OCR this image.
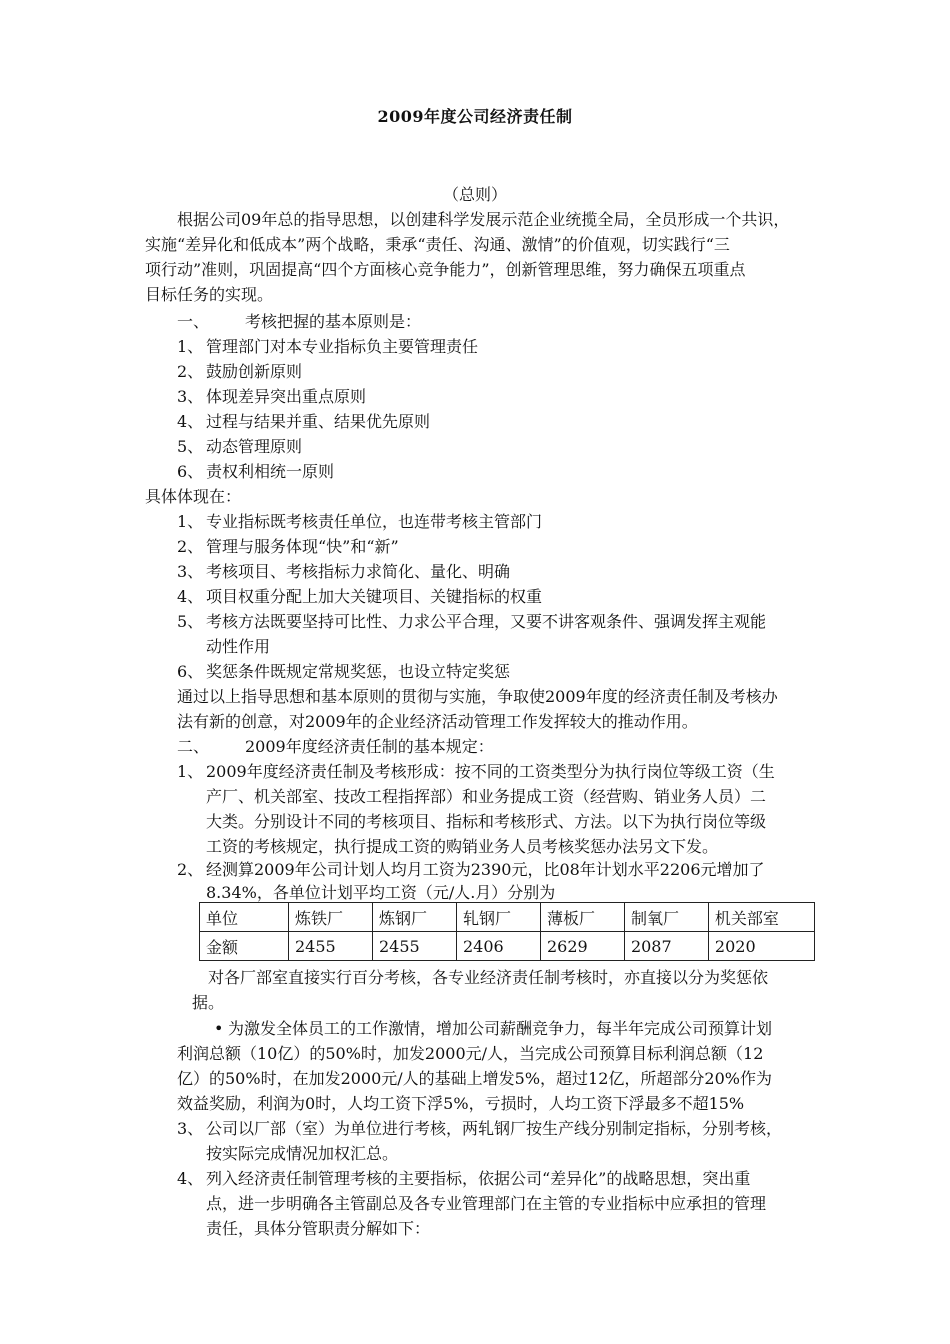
2009年度公司经济责任制
（总则）
根据公司09年总的指导思想，以创建科学发展示范企业统揽全局，全员形成一个共识，
实施“差异化和低成本”两个战略，秉承“责任、沟通、激情”的价值观，切实践行“三
项行动”准则，巩固提高“四个方面核心竞争能力”，创新管理思维，努力确保五项重点
目标任务的实现。
一、 考核把握的基本原则是：
1、 管理部门对本专业指标负主要管理责任
2、 鼓励创新原则
3、 体现差异突出重点原则
4、 过程与结果并重、结果优先原则
5、 动态管理原则
6、 责权利相统一原则
具体体现在：
1、 专业指标既考核责任单位，也连带考核主管部门
2、 管理与服务体现“快”和“新”
3、 考核项目、考核指标力求简化、量化、明确
4、 项目权重分配上加大关键项目、关键指标的权重
5、 考核方法既要坚持可比性、力求公平合理，又要不讲客观条件、强调发挥主观能
动性作用
6、 奖惩条件既规定常规奖惩，也设立特定奖惩
通过以上指导思想和基本原则的贯彻与实施，争取使2009年度的经济责任制及考核办
法有新的创意，对2009年的企业经济活动管理工作发挥较大的推动作用。
二、 2009年度经济责任制的基本规定：
1、 2009年度经济责任制及考核形成：按不同的工资类型分为执行岗位等级工资（生
产厂、机关部室、技改工程指挥部）和业务提成工资（经营购、销业务人员）二
大类。分别设计不同的考核项目、指标和考核形式、方法。以下为执行岗位等级
工资的考核规定，执行提成工资的购销业务人员考核奖惩办法另文下发。
2、 经测算2009年公司计划人均月工资为2390元，比08年计划水平2206元增加了
8.34%，各单位计划平均工资（元/人.月）分别为
单位	炼铁厂	炼钢厂	轧钢厂	薄板厂	制氧厂	机关部室
金额	2455	2455	2406	2629	2087	2020
对各厂部室直接实行百分考核，各专业经济责任制考核时，亦直接以分为奖惩依
据。
• 为激发全体员工的工作激情，增加公司薪酬竞争力，每半年完成公司预算计划
利润总额（10亿）的50%时，加发2000元/人，当完成公司预算目标利润总额（12
亿）的50%时，在加发2000元/人的基础上增发5%，超过12亿，所超部分20%作为
效益奖励，利润为0时，人均工资下浮5%，亏损时，人均工资下浮最多不超15%
3、 公司以厂部（室）为单位进行考核，两轧钢厂按生产线分别制定指标，分别考核，
按实际完成情况加权汇总。
4、 列入经济责任制管理考核的主要指标，依据公司“差异化”的战略思想，突出重
点，进一步明确各主管副总及各专业管理部门在主管的专业指标中应承担的管理
责任，具体分管职责分解如下：
